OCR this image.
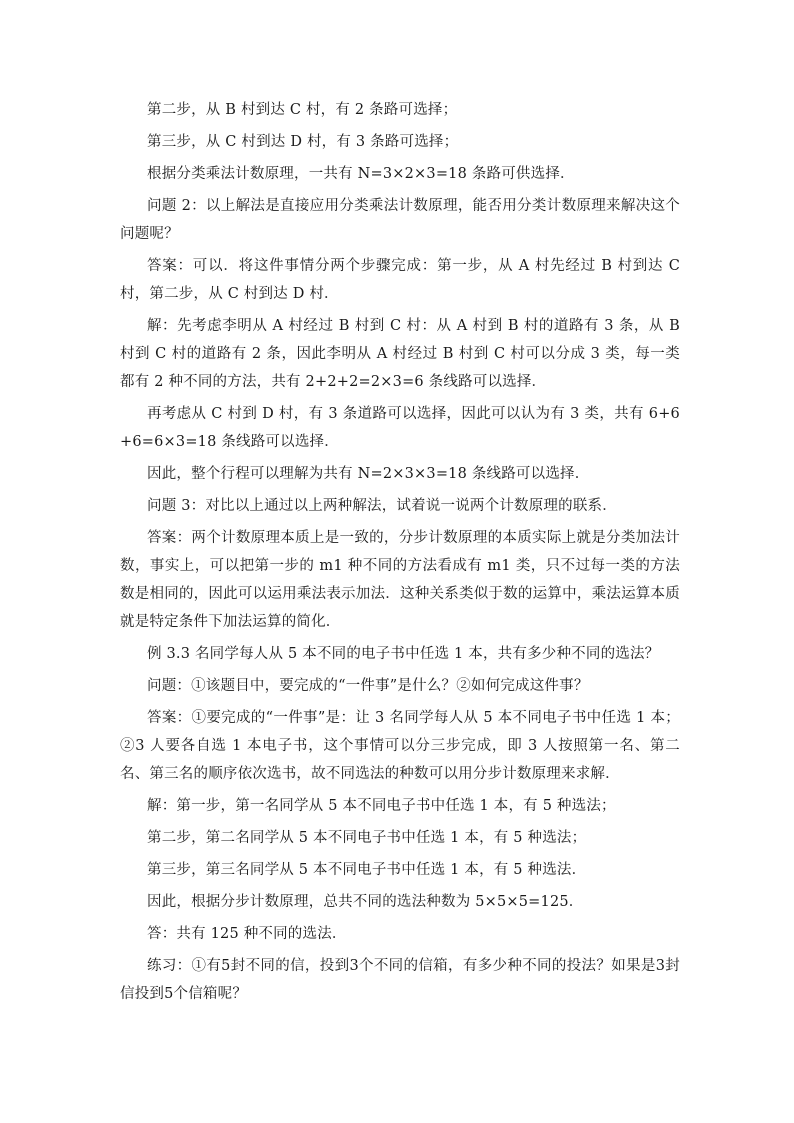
第二步，从 B 村到达 C 村，有 2 条路可选择；

第三步，从 C 村到达 D 村，有 3 条路可选择；

根据分类乘法计数原理，一共有 N=3×2×3=18 条路可供选择．

问题 2：以上解法是直接应用分类乘法计数原理，能否用分类计数原理来解决这个问题呢？

答案：可以．将这件事情分两个步骤完成：第一步，从 A 村先经过 B 村到达 C 村，第二步，从 C 村到达 D 村．

解：先考虑李明从 A 村经过 B 村到 C 村：从 A 村到 B 村的道路有 3 条，从 B 村到 C 村的道路有 2 条，因此李明从 A 村经过 B 村到 C 村可以分成 3 类，每一类都有 2 种不同的方法，共有 2+2+2=2×3=6 条线路可以选择．

再考虑从 C 村到 D 村，有 3 条道路可以选择，因此可以认为有 3 类，共有 6+6+6=6×3=18 条线路可以选择．

因此，整个行程可以理解为共有 N=2×3×3=18 条线路可以选择．

问题 3：对比以上通过以上两种解法，试着说一说两个计数原理的联系．

答案：两个计数原理本质上是一致的，分步计数原理的本质实际上就是分类加法计数，事实上，可以把第一步的 m1 种不同的方法看成有 m1 类，只不过每一类的方法数是相同的，因此可以运用乘法表示加法．这种关系类似于数的运算中，乘法运算本质就是特定条件下加法运算的简化．

例 3.3 名同学每人从 5 本不同的电子书中任选 1 本，共有多少种不同的选法？

问题：①该题目中，要完成的“一件事”是什么？②如何完成这件事？

答案：①要完成的“一件事”是：让 3 名同学每人从 5 本不同电子书中任选 1 本；②3 人要各自选 1 本电子书，这个事情可以分三步完成，即 3 人按照第一名、第二名、第三名的顺序依次选书，故不同选法的种数可以用分步计数原理来求解．

解：第一步，第一名同学从 5 本不同电子书中任选 1 本，有 5 种选法；

第二步，第二名同学从 5 本不同电子书中任选 1 本，有 5 种选法；

第三步，第三名同学从 5 本不同电子书中任选 1 本，有 5 种选法．

因此，根据分步计数原理，总共不同的选法种数为 5×5×5=125．

答：共有 125 种不同的选法．

练习：①有5封不同的信，投到3个不同的信箱，有多少种不同的投法？如果是3封信投到5个信箱呢？
